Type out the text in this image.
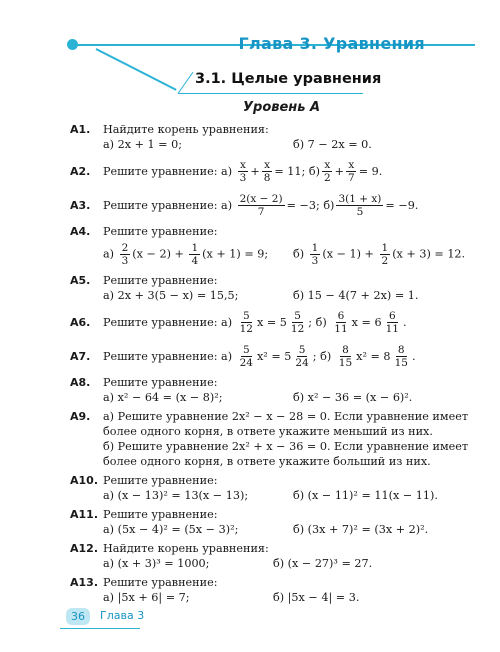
Глава 3. Уравнения
3.1. Целые уравнения
Уровень А
А1.	Найдите корень уравнения:
а) 2x + 1 = 0;	б) 7 − 2x = 0.
А2.	Решите уравнение: а)
$\frac{x}{3} + \frac{x}{8} = 11$; $б) \frac{x}{2} + \frac{x}{7} = 9$.
А3.	Решите уравнение: а)
$\frac{2(x - 2)}{7} = -3$; $б) \frac{3(1 + x)}{5} = -9$.
А4.	Решите уравнение:
$а) \frac{2}{3} (x - 2) + \frac{1}{4} (x + 1) = 9$;	$б) \frac{1}{3} (x - 1) + \frac{1}{2} (x + 3) = 12$.
А5.	Решите уравнение:
а) 2x + 3(5 − x) = 15,5;	б) 15 − 4(7 + 2x) = 1.
А6.	Решите уравнение: а)
$\frac{5}{12}$ $x = 5 \frac{5}{12}$ ; б)
$\frac{6}{11}$ $x = 6 \frac{6}{11}$ .
А7.	Решите уравнение: а)
$\frac{5}{24} x^2 = 5 \frac{5}{24}$ ; б)
$\frac{8}{15} x^2 = 8 \frac{8}{15}$ .
А8.	Решите уравнение:
а) x² − 64 = (x − 8)²;	б) x² − 36 = (x − 6)².
А9.	а) Решите уравнение 2x² − x − 28 = 0. Если уравнение имеет
более одного корня, в ответе укажите меньший из них.
б) Решите уравнение 2x² + x − 36 = 0. Если уравнение имеет
более одного корня, в ответе укажите больший из них.
А10. Решите уравнение:
а) (x − 13)² = 13(x − 13);	б) (x − 11)² = 11(x − 11).
А11. Решите уравнение:
а) (5x − 4)² = (5x − 3)²;	б) (3x + 7)² = (3x + 2)².
А12. Найдите корень уравнения:
а) (x + 3)³ = 1000;	б) (x − 27)³ = 27.
А13. Решите уравнение:
а) |5x + 6| = 7;	б) |5x − 4| = 3.
36	Глава 3
